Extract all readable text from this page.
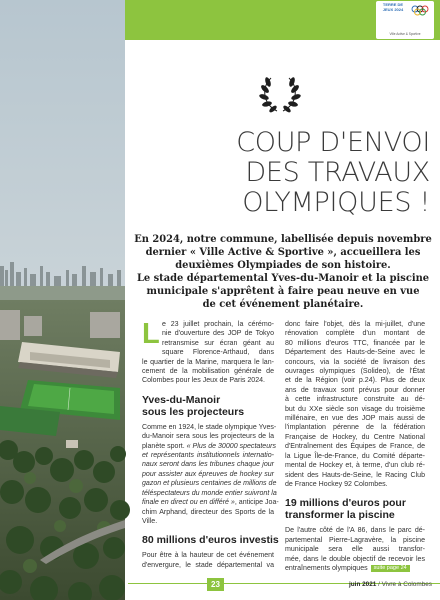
TERRE DE JEUX 2024
Ville Active & Sportive
COUP D'ENVOI
DES TRAVAUX
OLYMPIQUES !
En 2024, notre commune, labellisée depuis novembre
dernier « Ville Active & Sportive », accueillera les
deuxièmes Olympiades de son histoire.
Le stade départemental Yves-du-Manoir et la piscine
municipale s'apprêtent à faire peau neuve en vue
de cet événement planétaire.
L e 23 juillet prochain, la cérémo-
nie d'ouverture des JOP de Tokyo
retransmise sur écran géant au
square Florence-Arthaud, dans
le quartier de la Marine, marquera le lan-
cement de la mobilisation générale de
Colombes pour les Jeux de Paris 2024.
Yves-du-Manoir
sous les projecteurs
Comme en 1924, le stade olympique Yves-
du-Manoir sera sous les projecteurs de la
planète sport. « Plus de 30000 spectateurs
et représentants institutionnels internatio-
naux seront dans les tribunes chaque jour
pour assister aux épreuves de hockey sur
gazon et plusieurs centaines de millions de
téléspectateurs du monde entier suivront la
finale en direct ou en différé », anticipe Joa-
chim Arphand, directeur des Sports de la
Ville.
80 millions d'euros investis
Pour être à la hauteur de cet événement
d'envergure, le stade départemental va
donc faire l'objet, dès la mi-juillet, d'une
rénovation complète d'un montant de
80 millions d'euros TTC, financée par le
Département des Hauts-de-Seine avec le
concours, via la société de livraison des
ouvrages olympiques (Solideo), de l'État
et de la Région (voir p.24). Plus de deux
ans de travaux sont prévus pour donner
à cette infrastructure construite au dé-
but du XXe siècle son visage du troisième
millénaire, en vue des JOP mais aussi de
l'implantation pérenne de la fédération
Française de Hockey, du Centre National
d'Entraînement des Équipes de France, de
la Ligue Île-de-France, du Comité départe-
mental de Hockey et, à terme, d'un club ré-
sident des Hauts-de-Seine, le Racing Club
de France Hockey 92 Colombes.
19 millions d'euros pour
transformer la piscine
De l'autre côté de l'A 86, dans le parc dé-
partemental Pierre-Lagravère, la piscine
municipale sera elle aussi transfor-
mée, dans le double objectif de recevoir les
entraînements olympiques suite page 24
23	juin 2021 / Vivre à Colombes
